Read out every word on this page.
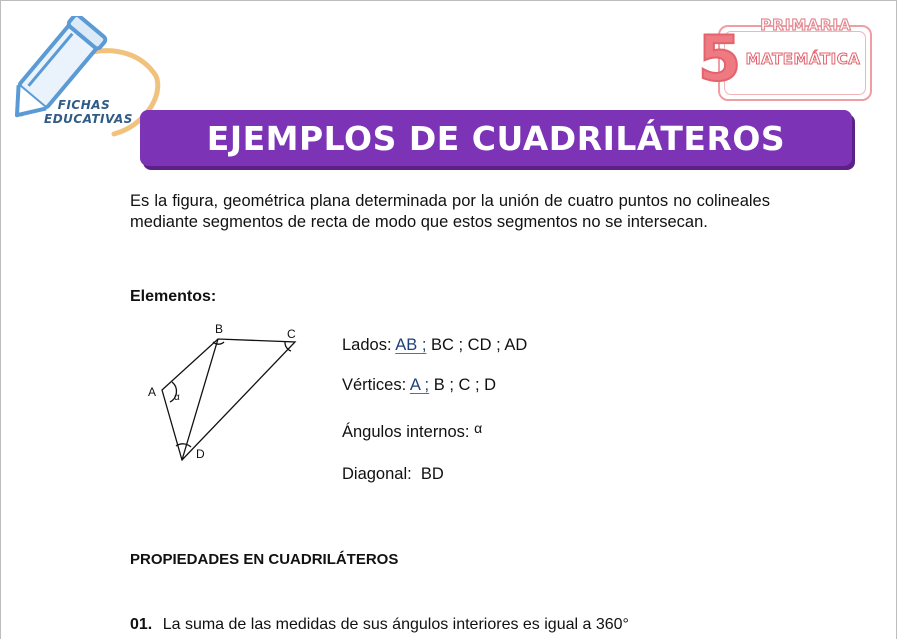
FICHAS
EDUCATIVAS
PRIMARIA
5 MATEMÁTICA
EJEMPLOS DE CUADRILÁTEROS
Es la figura, geométrica plana determinada por la unión de cuatro puntos no colineales mediante segmentos de recta de modo que estos segmentos no se intersecan.
Elementos:
B	C
A
D
α
Lados: AB ; BC ; CD ; AD
Vértices: A ; B ; C ; D
Ángulos internos: $^\alpha$
Diagonal: BD
PROPIEDADES EN CUADRILÁTEROS
01. La suma de las medidas de sus ángulos interiores es igual a 360°
